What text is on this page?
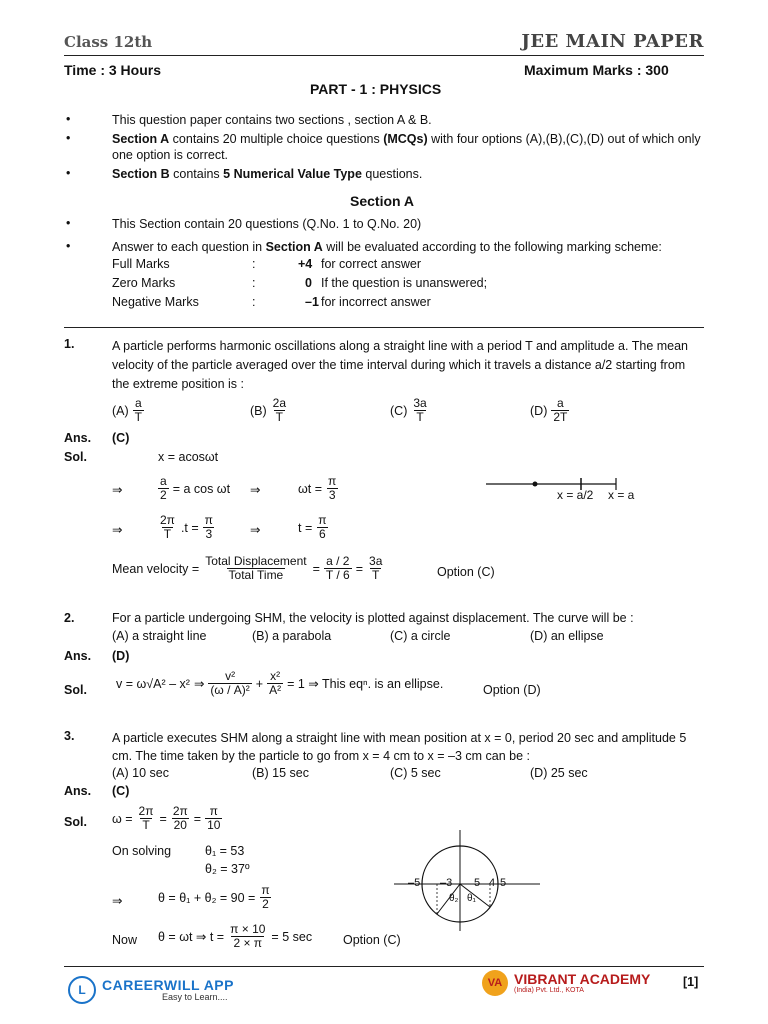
Class 12th	JEE MAIN PAPER
Time : 3 Hours	Maximum Marks : 300
PART - 1 : PHYSICS
•	This question paper contains two sections , section A & B.
•	Section A contains 20 multiple choice questions (MCQs) with four options (A),(B),(C),(D) out of which only one option is correct.
•	Section B contains 5 Numerical Value Type questions.
Section A
•	This Section contain 20 questions (Q.No. 1 to Q.No. 20)
•	Answer to each question in Section A will be evaluated according to the following marking scheme:
Full Marks	:	+4 for correct answer
Zero Marks	:	0 If the question is unanswered;
Negative Marks	:	–1 for incorrect answer
1.	A particle performs harmonic oscillations along a straight line with a period T and amplitude a. The mean velocity of the particle averaged over the time interval during which it travels a distance a/2 starting from the extreme position is :
$(A) \frac{a}{T}$	$(B) \frac{2a}{T}$	$(C) \frac{3a}{T}$	$(D) \frac{a}{2T}$
Ans. (C)
Sol.	x = acosωt
⇒	$\frac{a}{2} = a$ cos ωt ⇒	$\omega t = \frac{\pi}{3}$
⇒	$\frac{2\pi}{T} .t = \frac{\pi}{3}$	⇒	$t = \frac{\pi}{6}$
Mean velocity = $\frac{\text{Total Displacement}}{\text{Total Time}} = \frac{a / 2}{T / 6} = \frac{3a}{T}$	Option (C)
x = a/2 x = a
2.	For a particle undergoing SHM, the velocity is plotted against displacement. The curve will be :
(A) a straight line	(B) a parabola	(C) a circle	(D) an ellipse
Ans. (D)
Sol. v = ω√A² – x² ⇒ $\frac{\text{v²}}{\text{(ω / A)²}} + \frac{\text{x²}}{\text{A²}} = 1$ ⇒ This eqⁿ. is an ellipse.	Option (D)
3.	A particle executes SHM along a straight line with mean position at x = 0, period 20 sec and amplitude 5 cm. The time taken by the particle to go from x = 4 cm to x = –3 cm can be :
(A) 10 sec	(B) 15 sec	(C) 5 sec	(D) 25 sec
Ans. (C)
Sol. $\omega = \frac{2\pi}{T} = \frac{2\pi}{20} = \frac{\pi}{10}$
On solving	θ₁ = 53
θ₂ = 37º
⇒	$\theta = \theta_1 + \theta_2 = 90 = \frac{\pi}{2}$
Now θ = ωt ⇒ $t = \frac{\pi \times 10}{2 \times \pi} = 5$ sec Option (C)
–5 –3 5 4 5
θ₂ θ₁
L	CAREERWILL APP
Easy to Learn....
VA VIBRANT ACADEMY
(India) Pvt. Ltd., KOTA
[1]
